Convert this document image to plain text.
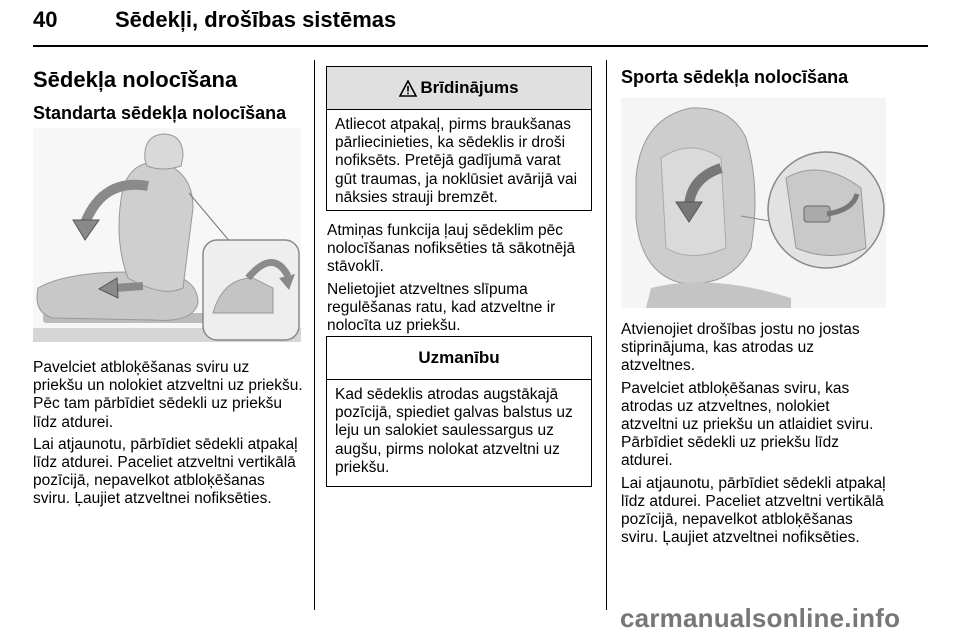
40	Sēdekļi, drošības sistēmas
Sēdekļa nolocīšana
Standarta sēdekļa nolocīšana

Pavelciet atbloķēšanas sviru uz priekšu un nolokiet atzveltni uz priekšu. Pēc tam pārbīdiet sēdekli uz priekšu līdz atdurei.

Lai atjaunotu, pārbīdiet sēdekli atpakaļ līdz atdurei. Paceliet atzveltni vertikālā pozīcijā, nepavelkot atbloķēšanas sviru. Ļaujiet atzveltnei nofiksēties.

Brīdinājums

Atliecot atpakaļ, pirms braukšanas pārliecinieties, ka sēdeklis ir droši nofiksēts. Pretējā gadījumā varat gūt traumas, ja noklūsiet avārijā vai nāksies strauji bremzēt.

Atmiņas funkcija ļauj sēdeklim pēc nolocīšanas nofiksēties tā sākotnējā stāvoklī.

Nelietojiet atzveltnes slīpuma regulēšanas ratu, kad atzveltne ir nolocīta uz priekšu.

Uzmanību

Kad sēdeklis atrodas augstākajā pozīcijā, spiediet galvas balstus uz leju un salokiet saulessargus uz augšu, pirms nolokat atzveltni uz priekšu.

Sporta sēdekļa nolocīšana

Atvienojiet drošības jostu no jostas stiprinājuma, kas atrodas uz atzveltnes.

Pavelciet atbloķēšanas sviru, kas atrodas uz atzveltnes, nolokiet atzveltni uz priekšu un atlaidiet sviru. Pārbīdiet sēdekli uz priekšu līdz atdurei.

Lai atjaunotu, pārbīdiet sēdekli atpakaļ līdz atdurei. Paceliet atzveltni vertikālā pozīcijā, nepavelkot atbloķēšanas sviru. Ļaujiet atzveltnei nofiksēties.

carmanualsonline.info
